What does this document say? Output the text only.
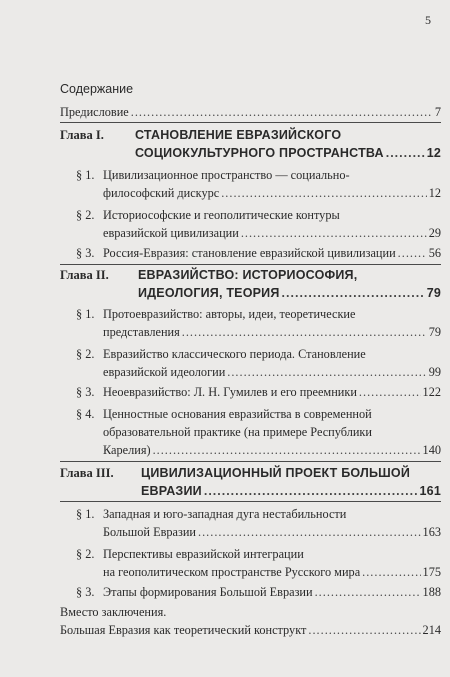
5
Содержание
Предисловие .....	7
Глава I. СТАНОВЛЕНИЕ ЕВРАЗИЙСКОГО
СОЦИОКУЛЬТУРНОГО ПРОСТРАНСТВА .....	12
§ 1. Цивилизационное пространство — социально-
философский дискурс .....	12
§ 2. Историософские и геополитические контуры
евразийской цивилизации .....	29
§ 3. Россия-Евразия: становление евразийской цивилизации .....	56
Глава II. ЕВРАЗИЙСТВО: ИСТОРИОСОФИЯ,
ИДЕОЛОГИЯ, ТЕОРИЯ .....	79
§ 1. Протоевразийство: авторы, идеи, теоретические
представления .....	79
§ 2. Евразийство классического периода. Становление
евразийской идеологии .....	99
§ 3. Неоевразийство: Л. Н. Гумилев и его преемники .....	122
§ 4. Ценностные основания евразийства в современной
образовательной практике (на примере Республики
Карелия) .....	140
Глава III. ЦИВИЛИЗАЦИОННЫЙ ПРОЕКТ БОЛЬШОЙ
ЕВРАЗИИ .....	161
§ 1. Западная и юго-западная дуга нестабильности
Большой Евразии .....	163
§ 2. Перспективы евразийской интеграции
на геополитическом пространстве Русского мира .....	175
§ 3. Этапы формирования Большой Евразии .....	188
Вместо заключения.
Большая Евразия как теоретический конструкт .....	214
